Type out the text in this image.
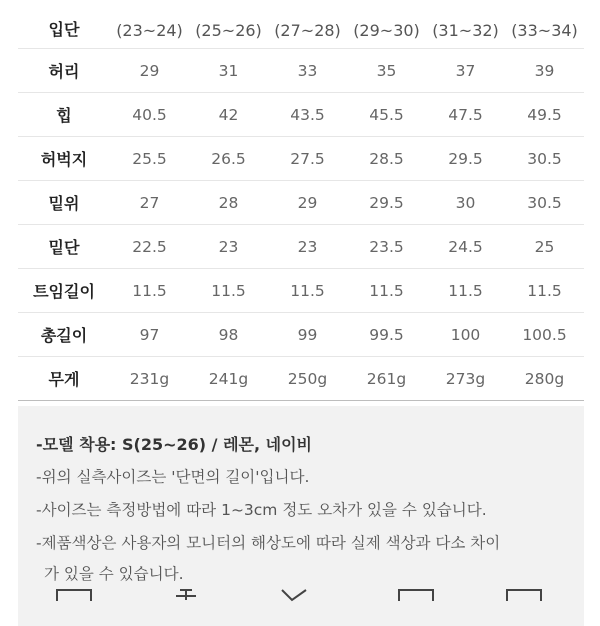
입단	(23~24)	(25~26)	(27~28)	(29~30)	(31~32)	(33~34)
허리	29	31	33	35	37	39
힙	40.5	42	43.5	45.5	47.5	49.5
허벅지	25.5	26.5	27.5	28.5	29.5	30.5
밑위	27	28	29	29.5	30	30.5
밑단	22.5	23	23	23.5	24.5	25
트임길이	11.5	11.5	11.5	11.5	11.5	11.5
총길이	97	98	99	99.5	100	100.5
무게	231g	241g	250g	261g	273g	280g

-모델 착용: S(25~26) / 레몬, 네이비

-위의 실측사이즈는 '단면의 길이'입니다.

-사이즈는 측정방법에 따라 1~3cm 정도 오차가 있을 수 있습니다.

-제품색상은 사용자의 모니터의 해상도에 따라 실제 색상과 다소 차이

가 있을 수 있습니다.
